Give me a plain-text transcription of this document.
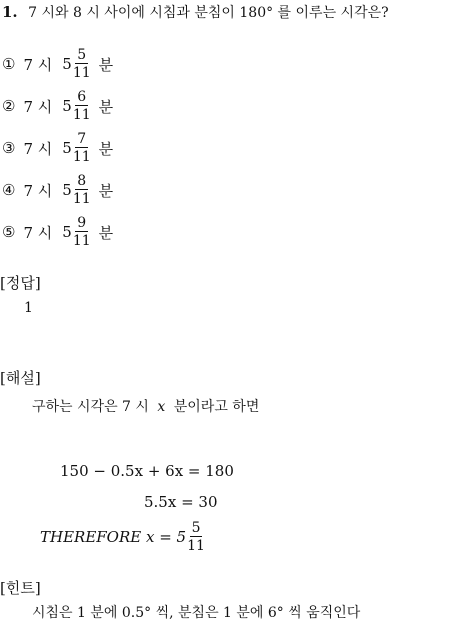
1. 7 시와 8 시 사이에 시침과 분침이 180° 를 이루는 시각은?
① 7 시 $5 \frac{5}{11}$ 분
② 7 시 $5 \frac{6}{11}$ 분
③ 7 시 $5 \frac{7}{11}$ 분
④ 7 시 $5 \frac{8}{11}$ 분
⑤ 7 시 $5 \frac{9}{11}$ 분
[정답]
1
[해설]
구하는 시각은 7 시 x 분이라고 하면
150 − 0.5x + 6x = 180
5.5x = 30
THEREFORE $x = 5 \frac{5}{11}$
[힌트]
시침은 1 분에 0.5° 씩, 분침은 1 분에 6° 씩 움직인다
